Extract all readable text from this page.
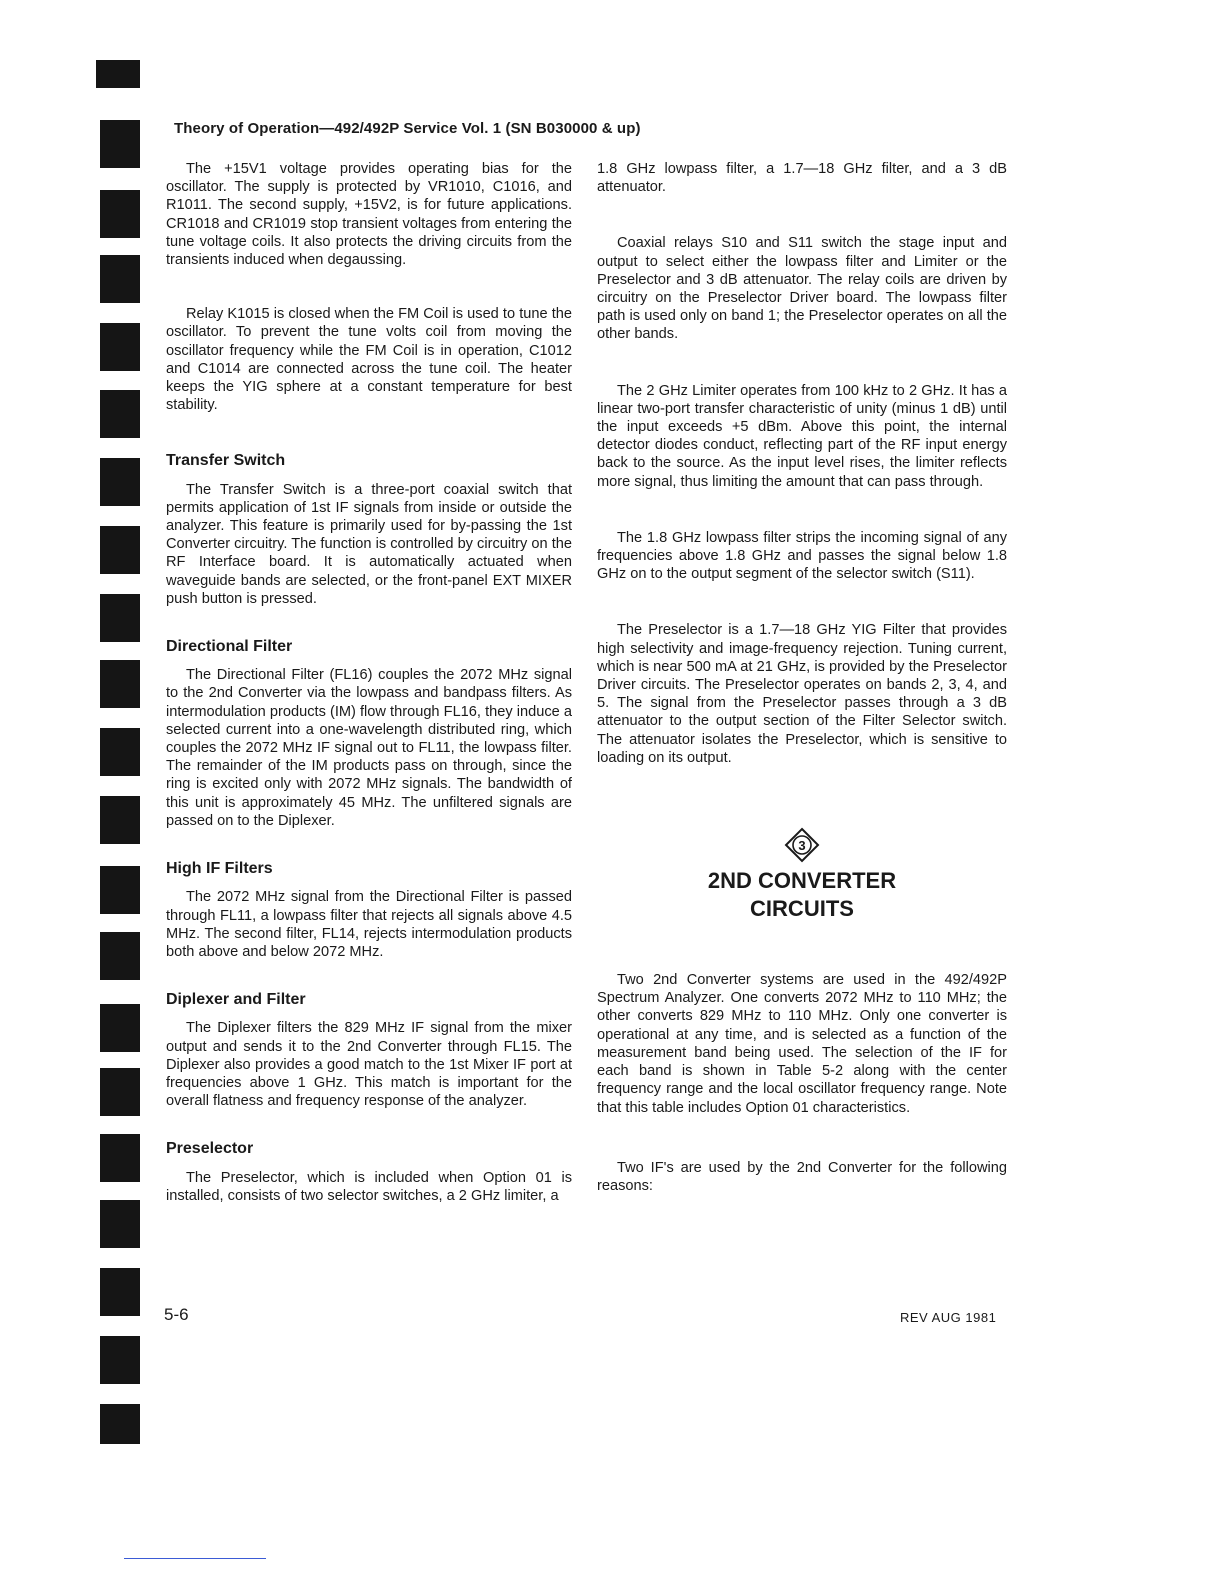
Theory of Operation—492/492P Service Vol. 1 (SN B030000 & up)

The +15V1 voltage provides operating bias for the oscillator. The supply is protected by VR1010, C1016, and R1011. The second supply, +15V2, is for future applications. CR1018 and CR1019 stop transient voltages from entering the tune voltage coils. It also protects the driving circuits from the transients induced when degaussing.

Relay K1015 is closed when the FM Coil is used to tune the oscillator. To prevent the tune volts coil from moving the oscillator frequency while the FM Coil is in operation, C1012 and C1014 are connected across the tune coil. The heater keeps the YIG sphere at a constant temperature for best stability.

Transfer Switch

The Transfer Switch is a three-port coaxial switch that permits application of 1st IF signals from inside or outside the analyzer. This feature is primarily used for by-passing the 1st Converter circuitry. The function is controlled by circuitry on the RF Interface board. It is automatically actuated when waveguide bands are selected, or the front-panel EXT MIXER push button is pressed.

Directional Filter

The Directional Filter (FL16) couples the 2072 MHz signal to the 2nd Converter via the lowpass and bandpass filters. As intermodulation products (IM) flow through FL16, they induce a selected current into a one-wavelength distributed ring, which couples the 2072 MHz IF signal out to FL11, the lowpass filter. The remainder of the IM products pass on through, since the ring is excited only with 2072 MHz signals. The bandwidth of this unit is approximately 45 MHz. The unfiltered signals are passed on to the Diplexer.

High IF Filters

The 2072 MHz signal from the Directional Filter is passed through FL11, a lowpass filter that rejects all signals above 4.5 MHz. The second filter, FL14, rejects intermodulation products both above and below 2072 MHz.

Diplexer and Filter

The Diplexer filters the 829 MHz IF signal from the mixer output and sends it to the 2nd Converter through FL15. The Diplexer also provides a good match to the 1st Mixer IF port at frequencies above 1 GHz. This match is important for the overall flatness and frequency response of the analyzer.

Preselector

The Preselector, which is included when Option 01 is installed, consists of two selector switches, a 2 GHz limiter, a

1.8 GHz lowpass filter, a 1.7—18 GHz filter, and a 3 dB attenuator.

Coaxial relays S10 and S11 switch the stage input and output to select either the lowpass filter and Limiter or the Preselector and 3 dB attenuator. The relay coils are driven by circuitry on the Preselector Driver board. The lowpass filter path is used only on band 1; the Preselector operates on all the other bands.

The 2 GHz Limiter operates from 100 kHz to 2 GHz. It has a linear two-port transfer characteristic of unity (minus 1 dB) until the input exceeds +5 dBm. Above this point, the internal detector diodes conduct, reflecting part of the RF input energy back to the source. As the input level rises, the limiter reflects more signal, thus limiting the amount that can pass through.

The 1.8 GHz lowpass filter strips the incoming signal of any frequencies above 1.8 GHz and passes the signal below 1.8 GHz on to the output segment of the selector switch (S11).

The Preselector is a 1.7—18 GHz YIG Filter that provides high selectivity and image-frequency rejection. Tuning current, which is near 500 mA at 21 GHz, is provided by the Preselector Driver circuits. The Preselector operates on bands 2, 3, 4, and 5. The signal from the Preselector passes through a 3 dB attenuator to the output section of the Filter Selector switch. The attenuator isolates the Preselector, which is sensitive to loading on its output.

3
2ND CONVERTER
CIRCUITS

Two 2nd Converter systems are used in the 492/492P Spectrum Analyzer. One converts 2072 MHz to 110 MHz; the other converts 829 MHz to 110 MHz. Only one converter is operational at any time, and is selected as a function of the measurement band being used. The selection of the IF for each band is shown in Table 5-2 along with the center frequency range and the local oscillator frequency range. Note that this table includes Option 01 characteristics.

Two IF's are used by the 2nd Converter for the following reasons:

5-6	REV AUG 1981
